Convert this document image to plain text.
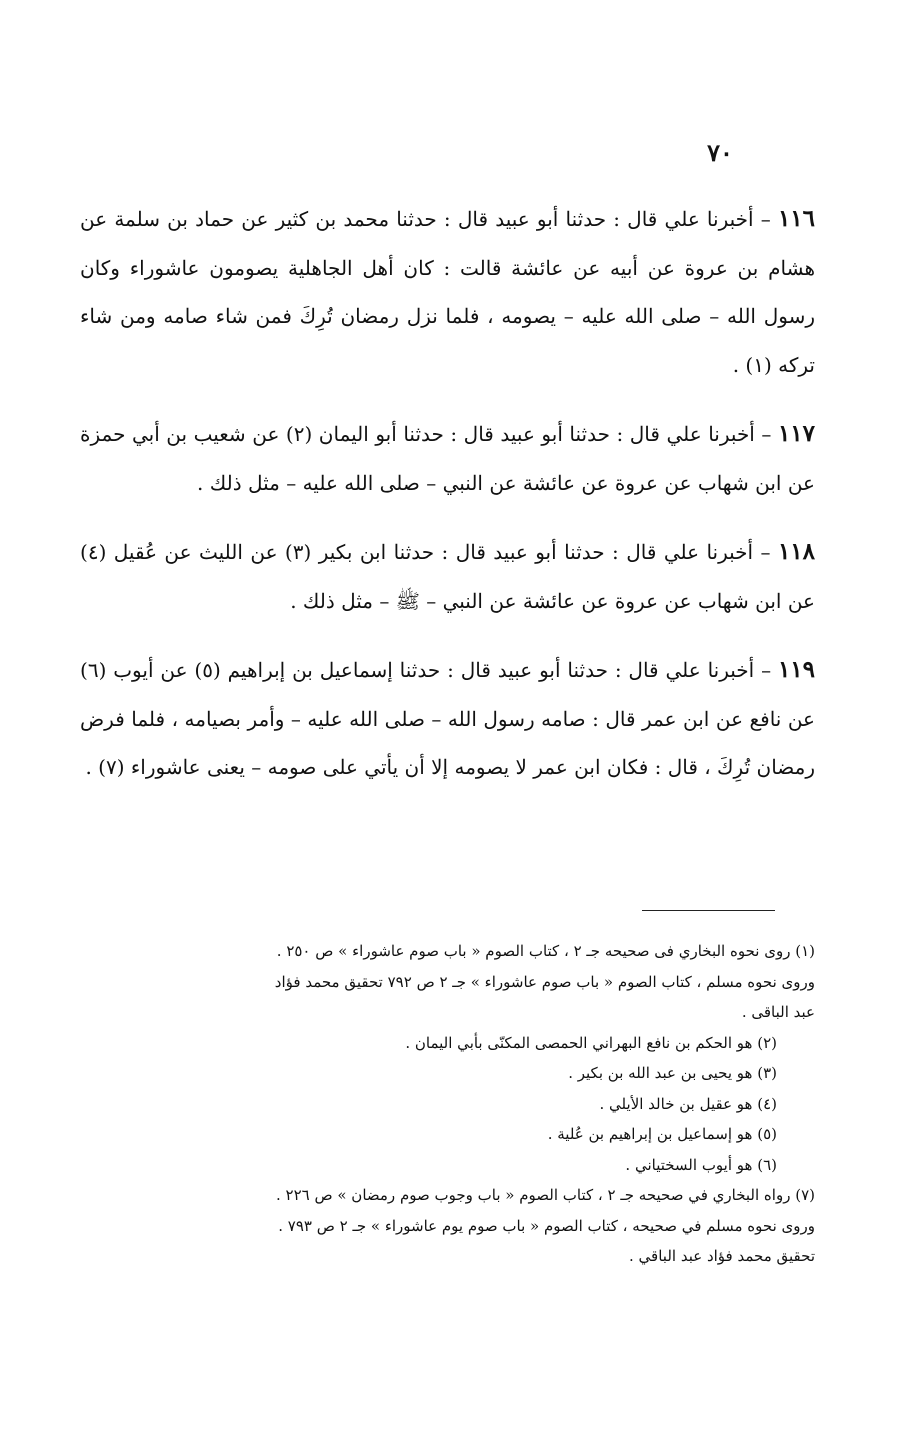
٧٠

١١٦ – أخبرنا علي قال : حدثنا أبو عبيد قال : حدثنا محمد بن كثير عن حماد بن سلمة عن هشام بن عروة عن أبيه عن عائشة قالت : كان أهل الجاهلية يصومون عاشوراء وكان رسول الله – صلى الله عليه – يصومه ، فلما نزل رمضان تُرِكَ فمن شاء صامه ومن شاء تركه (١) .

١١٧ – أخبرنا علي قال : حدثنا أبو عبيد قال : حدثنا أبو اليمان (٢) عن شعيب بن أبي حمزة عن ابن شهاب عن عروة عن عائشة عن النبي – صلى الله عليه – مثل ذلك .

١١٨ – أخبرنا علي قال : حدثنا أبو عبيد قال : حدثنا ابن بكير (٣) عن الليث عن عُقيل (٤) عن ابن شهاب عن عروة عن عائشة عن النبي – ﷺ – مثل ذلك .

١١٩ – أخبرنا علي قال : حدثنا أبو عبيد قال : حدثنا إسماعيل بن إبراهيم (٥) عن أيوب (٦) عن نافع عن ابن عمر قال : صامه رسول الله – صلى الله عليه – وأمر بصيامه ، فلما فرض رمضان تُرِكَ ، قال : فكان ابن عمر لا يصومه إلا أن يأتي على صومه – يعنى عاشوراء (٧) .

(١) روى نحوه البخاري فى صحيحه جـ ٢ ، كتاب الصوم « باب صوم عاشوراء » ص ٢٥٠ .

وروى نحوه مسلم ، كتاب الصوم « باب صوم عاشوراء » جـ ٢ ص ٧٩٢ تحقيق محمد فؤاد

عبد الباقى .

(٢) هو الحكم بن نافع البهراني الحمصى المكنّى بأبي اليمان .

(٣) هو يحيى بن عبد الله بن بكير .

(٤) هو عقيل بن خالد الأيلي .

(٥) هو إسماعيل بن إبراهيم بن عُلية .

(٦) هو أيوب السختياني .

(٧) رواه البخاري في صحيحه جـ ٢ ، كتاب الصوم « باب وجوب صوم رمضان » ص ٢٢٦ .

وروى نحوه مسلم في صحيحه ، كتاب الصوم « باب صوم يوم عاشوراء » جـ ٢ ص ٧٩٣ .

تحقيق محمد فؤاد عبد الباقي .
